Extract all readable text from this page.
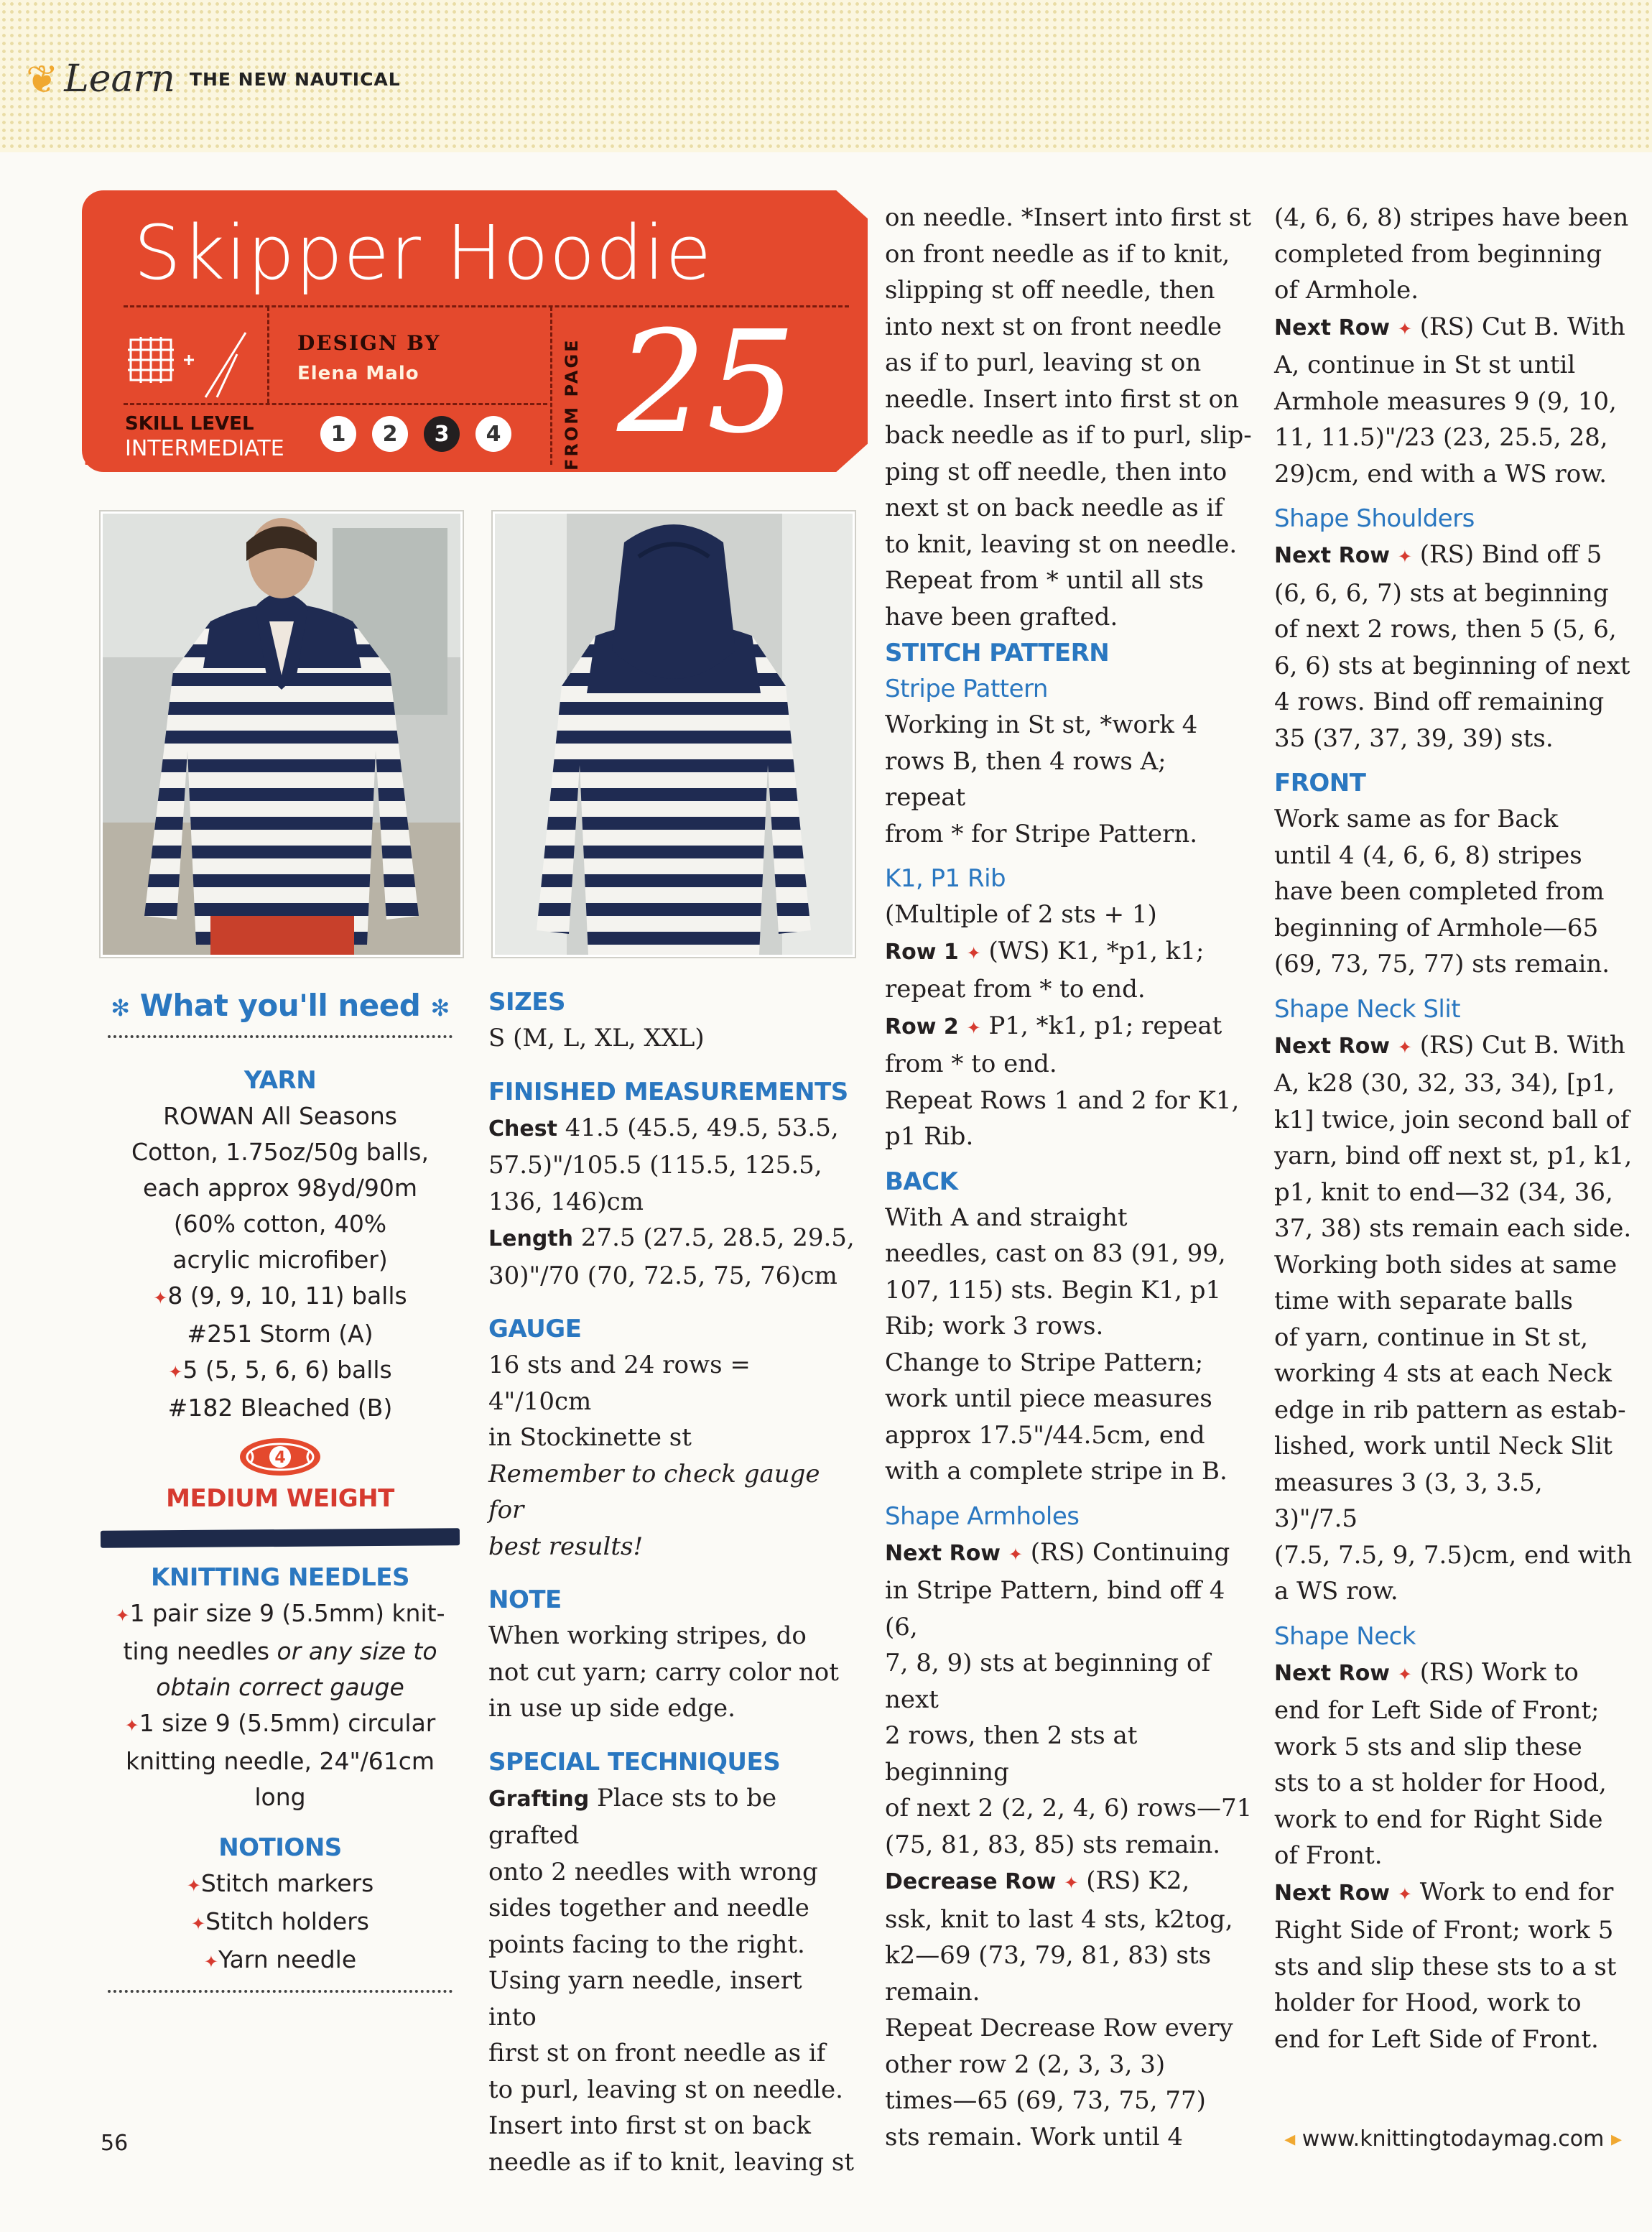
❦ Learn THE NEW NAUTICAL
Skipper Hoodie
DESIGN BY
Elena Malo
SKILL LEVEL
INTERMEDIATE
1	2	3	4	FROM PAGE 25
✻ What you'll need ✻
YARN
ROWAN All Seasons
Cotton, 1.75oz/50g balls,
each approx 98yd/90m
(60% cotton, 40%
acrylic microfiber)
✦8 (9, 9, 10, 11) balls
#251 Storm (A)
✦5 (5, 5, 6, 6) balls
#182 Bleached (B)
4
MEDIUM WEIGHT
KNITTING NEEDLES
✦1 pair size 9 (5.5mm) knit-
ting needles or any size to
obtain correct gauge
✦1 size 9 (5.5mm) circular
knitting needle, 24"/61cm
long
NOTIONS
✦Stitch markers
✦Stitch holders
✦Yarn needle
SIZES

S (M, L, XL, XXL)

FINISHED MEASUREMENTS

Chest 41.5 (45.5, 49.5, 53.5,

57.5)"/105.5 (115.5, 125.5,

136, 146)cm

Length 27.5 (27.5, 28.5, 29.5,

30)"/70 (70, 72.5, 75, 76)cm

GAUGE

16 sts and 24 rows = 4"/10cm

in Stockinette st

Remember to check gauge for

best results!

NOTE

When working stripes, do

not cut yarn; carry color not

in use up side edge.

SPECIAL TECHNIQUES

Grafting Place sts to be grafted

onto 2 needles with wrong

sides together and needle

points facing to the right.

Using yarn needle, insert into

first st on front needle as if

to purl, leaving st on needle.

Insert into first st on back

needle as if to knit, leaving st

on needle. *Insert into first st

on front needle as if to knit,

slipping st off needle, then

into next st on front needle

as if to purl, leaving st on

needle. Insert into first st on

back needle as if to purl, slip-

ping st off needle, then into

next st on back needle as if

to knit, leaving st on needle.

Repeat from * until all sts

have been grafted.

STITCH PATTERN
Stripe Pattern

Working in St st, *work 4

rows B, then 4 rows A; repeat

from * for Stripe Pattern.

K1, P1 Rib

(Multiple of 2 sts + 1)

Row 1 ✦ (WS) K1, *p1, k1;

repeat from * to end.

Row 2 ✦ P1, *k1, p1; repeat

from * to end.

Repeat Rows 1 and 2 for K1,

p1 Rib.

BACK

With A and straight

needles, cast on 83 (91, 99,

107, 115) sts. Begin K1, p1

Rib; work 3 rows.

Change to Stripe Pattern;

work until piece measures

approx 17.5"/44.5cm, end

with a complete stripe in B.

Shape Armholes

Next Row ✦ (RS) Continuing

in Stripe Pattern, bind off 4 (6,

7, 8, 9) sts at beginning of next

2 rows, then 2 sts at beginning

of next 2 (2, 2, 4, 6) rows—71

(75, 81, 83, 85) sts remain.

Decrease Row ✦ (RS) K2,

ssk, knit to last 4 sts, k2tog,

k2—69 (73, 79, 81, 83) sts

remain.

Repeat Decrease Row every

other row 2 (2, 3, 3, 3)

times—65 (69, 73, 75, 77)

sts remain. Work until 4

(4, 6, 6, 8) stripes have been

completed from beginning

of Armhole.

Next Row ✦ (RS) Cut B. With

A, continue in St st until

Armhole measures 9 (9, 10,

11, 11.5)"/23 (23, 25.5, 28,

29)cm, end with a WS row.

Shape Shoulders

Next Row ✦ (RS) Bind off 5

(6, 6, 6, 7) sts at beginning

of next 2 rows, then 5 (5, 6,

6, 6) sts at beginning of next

4 rows. Bind off remaining

35 (37, 37, 39, 39) sts.

FRONT

Work same as for Back

until 4 (4, 6, 6, 8) stripes

have been completed from

beginning of Armhole—65

(69, 73, 75, 77) sts remain.

Shape Neck Slit

Next Row ✦ (RS) Cut B. With

A, k28 (30, 32, 33, 34), [p1,

k1] twice, join second ball of

yarn, bind off next st, p1, k1,

p1, knit to end—32 (34, 36,

37, 38) sts remain each side.

Working both sides at same

time with separate balls

of yarn, continue in St st,

working 4 sts at each Neck

edge in rib pattern as estab-

lished, work until Neck Slit

measures 3 (3, 3, 3.5, 3)"/7.5

(7.5, 7.5, 9, 7.5)cm, end with

a WS row.

Shape Neck

Next Row ✦ (RS) Work to

end for Left Side of Front;

work 5 sts and slip these

sts to a st holder for Hood,

work to end for Right Side

of Front.

Next Row ✦ Work to end for

Right Side of Front; work 5

sts and slip these sts to a st

holder for Hood, work to

end for Left Side of Front.

56	◂ www.knittingtodaymag.com ▸
